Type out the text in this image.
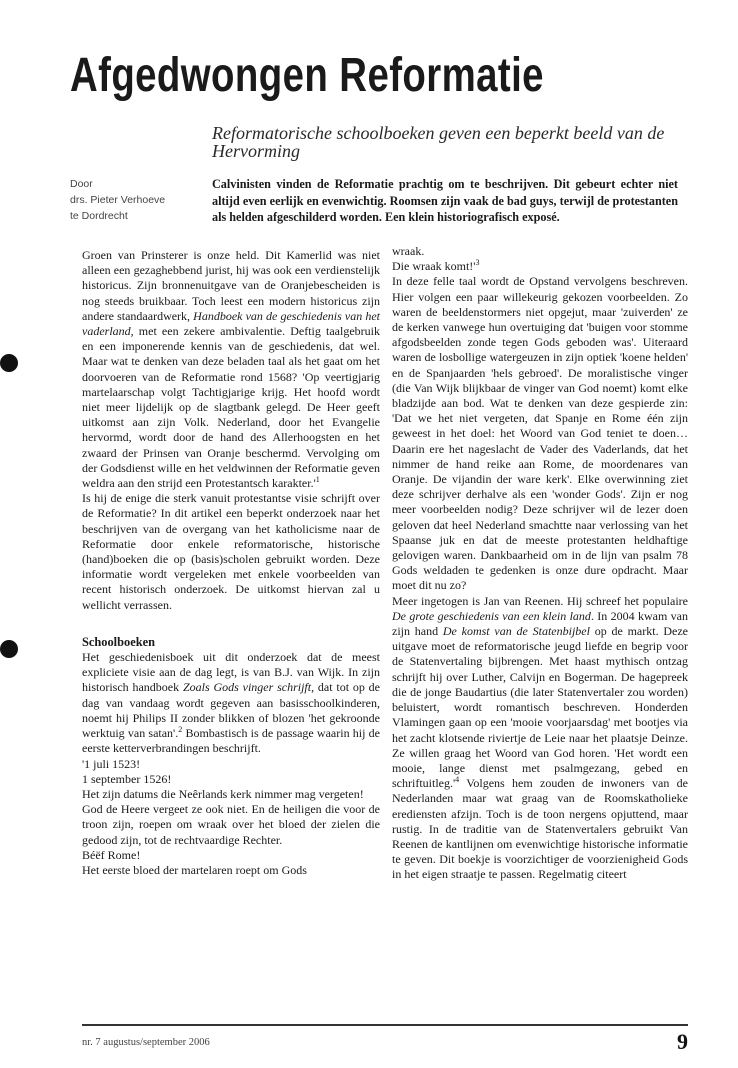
Afgedwongen Reformatie

Reformatorische schoolboeken geven een beperkt beeld van de Hervorming

Door
drs. Pieter Verhoeve
te Dordrecht

Calvinisten vinden de Reformatie prachtig om te beschrijven. Dit gebeurt echter niet altijd even eerlijk en evenwichtig. Roomsen zijn vaak de bad guys, terwijl de protestanten als helden afgeschilderd worden. Een klein historiografisch exposé.

Groen van Prinsterer is onze held. Dit Kamerlid was niet alleen een gezaghebbend jurist, hij was ook een verdienstelijk historicus. Zijn bronnenuitgave van de Oranjebescheiden is nog steeds bruikbaar. Toch leest een modern historicus zijn andere standaardwerk, Handboek van de geschiedenis van het vaderland, met een zekere ambivalentie. Deftig taalgebruik en een imponerende kennis van de geschiedenis, dat wel. Maar wat te denken van deze beladen taal als het gaat om het doorvoeren van de Reformatie rond 1568? 'Op veertigjarig martelaarschap volgt Tachtigjarige krijg. Het hoofd wordt niet meer lijdelijk op de slagtbank gelegd. De Heer geeft uitkomst aan zijn Volk. Nederland, door het Evangelie hervormd, wordt door de hand des Allerhoogsten en het zwaard der Prinsen van Oranje beschermd. Vervolging om der Godsdienst wille en het veldwinnen der Reformatie geven weldra aan den strijd een Protestantsch $karakter.'^1$

Is hij de enige die sterk vanuit protestantse visie schrijft over de Reformatie? In dit artikel een beperkt onderzoek naar het beschrijven van de overgang van het katholicisme naar de Reformatie door enkele reformatorische, historische (hand)boeken die op (basis)scholen gebruikt worden. Deze informatie wordt vergeleken met enkele voorbeelden van recent historisch onderzoek. De uitkomst hiervan zal u wellicht verrassen.

Schoolboeken

Het geschiedenisboek uit dit onderzoek dat de meest expliciete visie aan de dag legt, is van B.J. van Wijk. In zijn historisch handboek Zoals Gods vinger schrijft, dat tot op de dag van vandaag wordt gegeven aan basisschoolkinderen, noemt hij Philips II zonder blikken of blozen 'het gekroonde werktuig van satan'.$^2$ Bombastisch is de passage waarin hij de eerste ketterverbrandingen beschrijft.

'1 juli 1523!

1 september 1526!

Het zijn datums die Neêrlands kerk nimmer mag vergeten!

God de Heere vergeet ze ook niet. En de heiligen die voor de troon zijn, roepen om wraak over het bloed der zielen die gedood zijn, tot de rechtvaardige Rechter.

Béëf Rome!

Het eerste bloed der martelaren roept om Gods

wraak.

Die wraak $komt!'^3$

In deze felle taal wordt de Opstand vervolgens beschreven. Hier volgen een paar willekeurig gekozen voorbeelden. Zo waren de beeldenstormers niet opgejut, maar 'zuiverden' ze de kerken vanwege hun overtuiging dat 'buigen voor stomme afgodsbeelden zonde tegen Gods geboden was'. Uiteraard waren de losbollige watergeuzen in zijn optiek 'koene helden' en de Spanjaarden 'hels gebroed'. De moralistische vinger (die Van Wijk blijkbaar de vinger van God noemt) komt elke bladzijde aan bod. Wat te denken van deze gespierde zin: 'Dat we het niet vergeten, dat Spanje en Rome één zijn geweest in het doel: het Woord van God teniet te doen… Daarin ere het nageslacht de Vader des Vaderlands, dat het nimmer de hand reike aan Rome, de moordenares van Oranje. De vijandin der ware kerk'. Elke overwinning ziet deze schrijver derhalve als een 'wonder Gods'. Zijn er nog meer voorbeelden nodig? Deze schrijver wil de lezer doen geloven dat heel Nederland smachtte naar verlossing van het Spaanse juk en dat de meeste protestanten heldhaftige gelovigen waren. Dankbaarheid om in de lijn van psalm 78 Gods weldaden te gedenken is onze dure opdracht. Maar moet dit nu zo?

Meer ingetogen is Jan van Reenen. Hij schreef het populaire De grote geschiedenis van een klein land. In 2004 kwam van zijn hand De komst van de Statenbijbel op de markt. Deze uitgave moet de reformatorische jeugd liefde en begrip voor de Statenvertaling bijbrengen. Met haast mythisch ontzag schrijft hij over Luther, Calvijn en Bogerman. De hagepreek die de jonge Baudartius (die later Statenvertaler zou worden) beluistert, wordt romantisch beschreven. Honderden Vlamingen gaan op een 'mooie voorjaarsdag' met bootjes via het zacht klotsende riviertje de Leie naar het plaatsje Deinze. Ze willen graag het Woord van God horen. 'Het wordt een mooie, lange dienst met psalmgezang, gebed en $schriftuitleg.'^4$ Volgens hem zouden de inwoners van de Nederlanden maar wat graag van de Roomskatholieke erediensten afzijn. Toch is de toon nergens opjuttend, maar rustig. In de traditie van de Statenvertalers gebruikt Van Reenen de kantlijnen om evenwichtige historische informatie te geven. Dit boekje is voorzichtiger de voorzienigheid Gods in het eigen straatje te passen. Regelmatig citeert

nr. 7 augustus/september 2006	9
